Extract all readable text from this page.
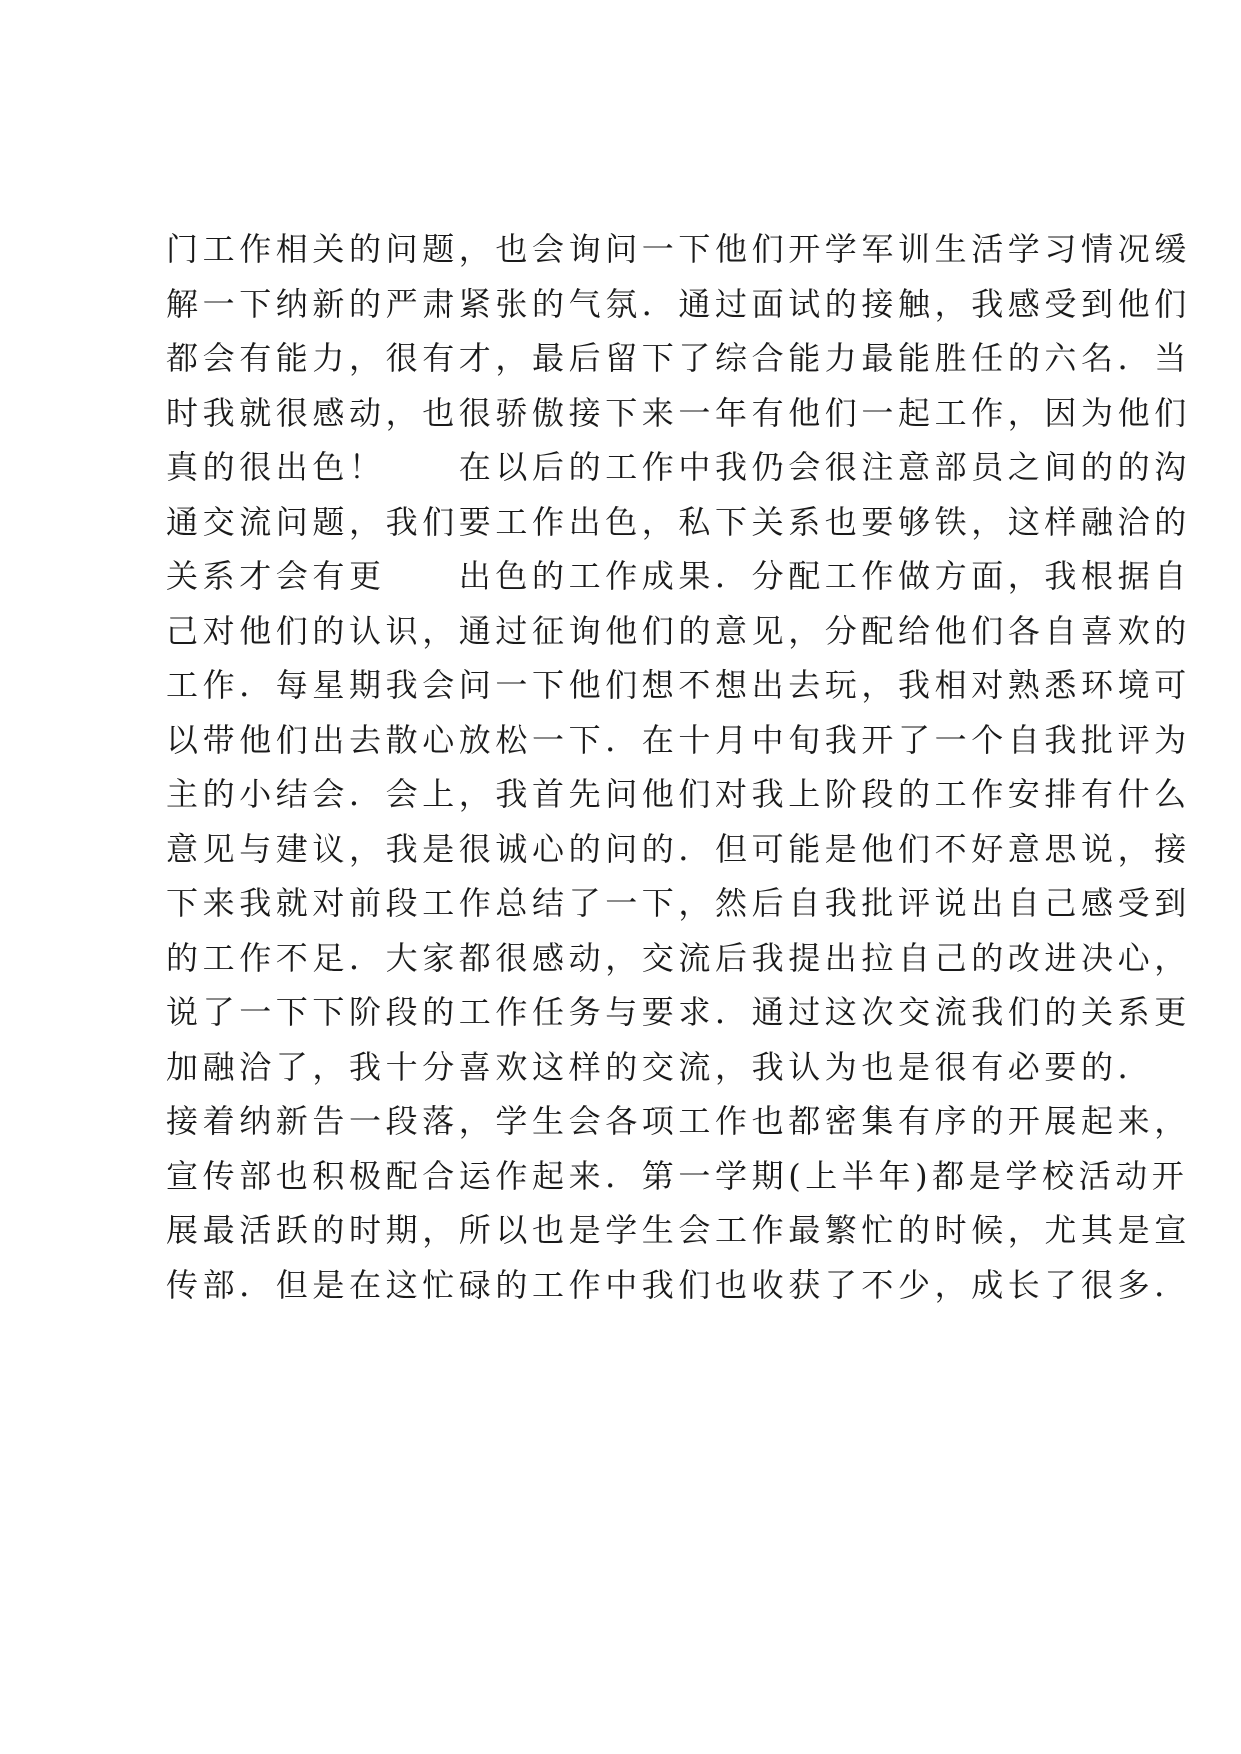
门工作相关的问题，也会询问一下他们开学军训生活学习情况缓
解一下纳新的严肃紧张的气氛．通过面试的接触，我感受到他们
都会有能力，很有才，最后留下了综合能力最能胜任的六名．当
时我就很感动，也很骄傲接下来一年有他们一起工作，因为他们
真的很出色！　　在以后的工作中我仍会很注意部员之间的的沟
通交流问题，我们要工作出色，私下关系也要够铁，这样融洽的
关系才会有更　　出色的工作成果．分配工作做方面，我根据自
己对他们的认识，通过征询他们的意见，分配给他们各自喜欢的
工作．每星期我会问一下他们想不想出去玩，我相对熟悉环境可
以带他们出去散心放松一下．在十月中旬我开了一个自我批评为
主的小结会．会上，我首先问他们对我上阶段的工作安排有什么
意见与建议，我是很诚心的问的．但可能是他们不好意思说，接
下来我就对前段工作总结了一下，然后自我批评说出自己感受到
的工作不足．大家都很感动，交流后我提出拉自己的改进决心，
说了一下下阶段的工作任务与要求．通过这次交流我们的关系更
加融洽了，我十分喜欢这样的交流，我认为也是很有必要的．
接着纳新告一段落，学生会各项工作也都密集有序的开展起来，
宣传部也积极配合运作起来．第一学期(上半年)都是学校活动开
展最活跃的时期，所以也是学生会工作最繁忙的时候，尤其是宣
传部．但是在这忙碌的工作中我们也收获了不少，成长了很多．
